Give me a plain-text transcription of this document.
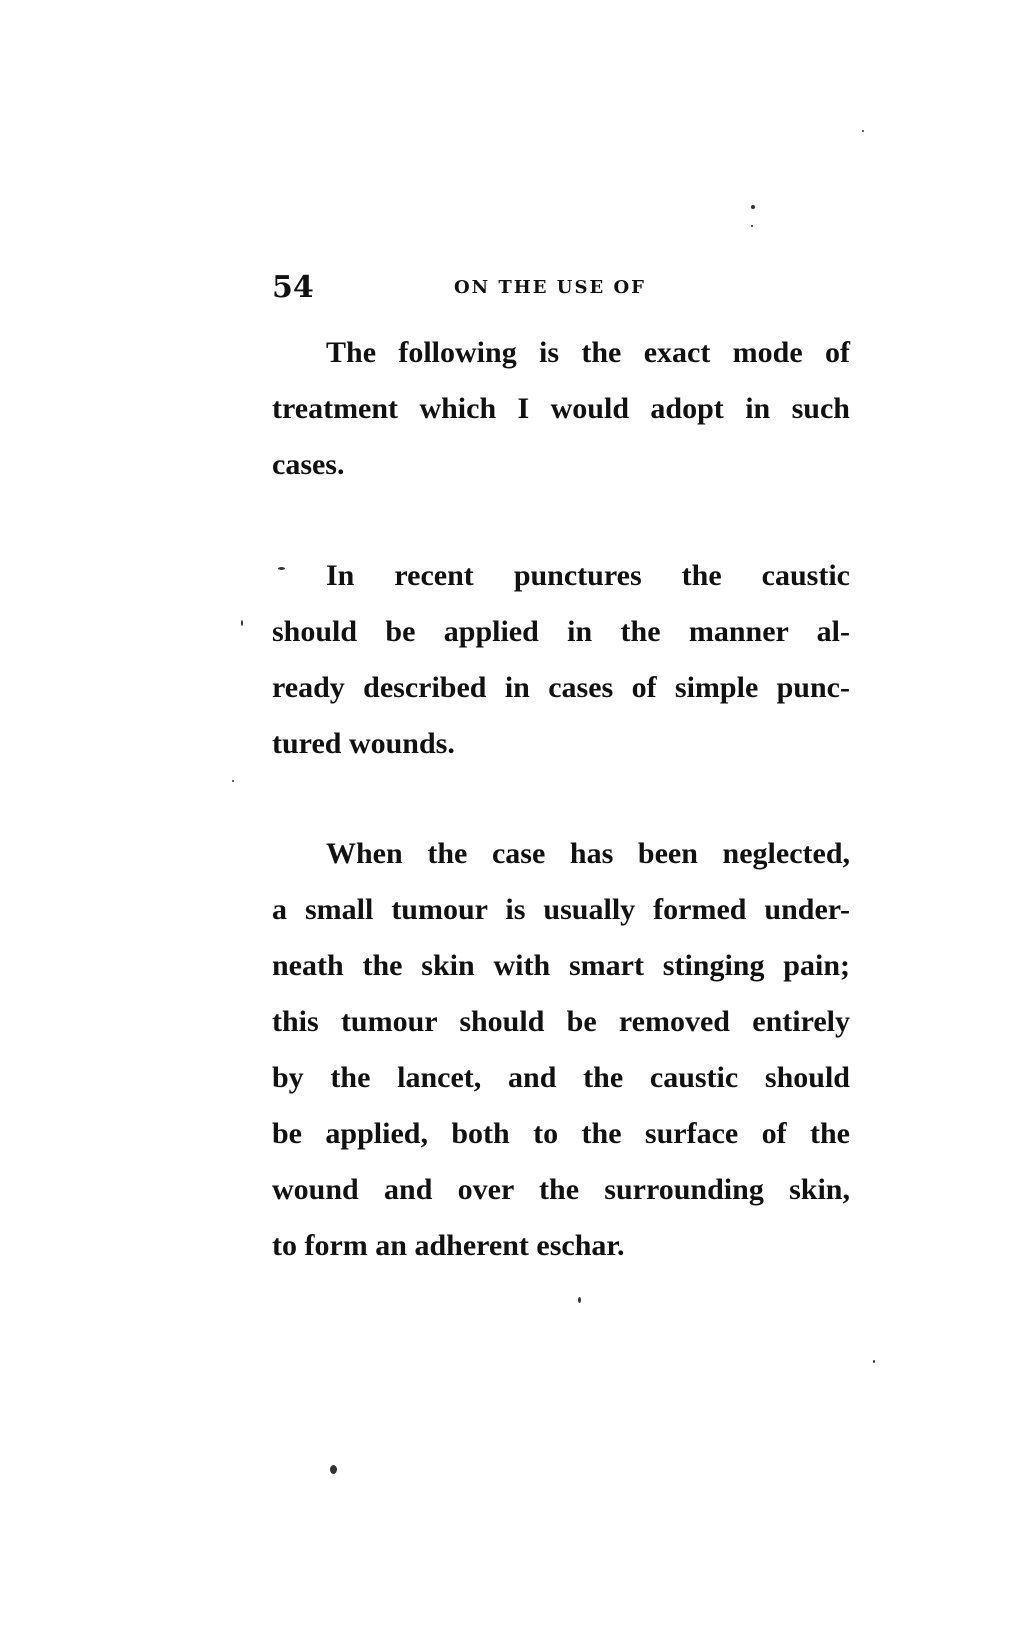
54	ON THE USE OF

The following is the exact mode of
treatment which I would adopt in such
cases.

In recent punctures the caustic
should be applied in the manner al-
ready described in cases of simple punc-
tured wounds.

When the case has been neglected,
a small tumour is usually formed under-
neath the skin with smart stinging pain;
this tumour should be removed entirely
by the lancet, and the caustic should
be applied, both to the surface of the
wound and over the surrounding skin,
to form an adherent eschar.
